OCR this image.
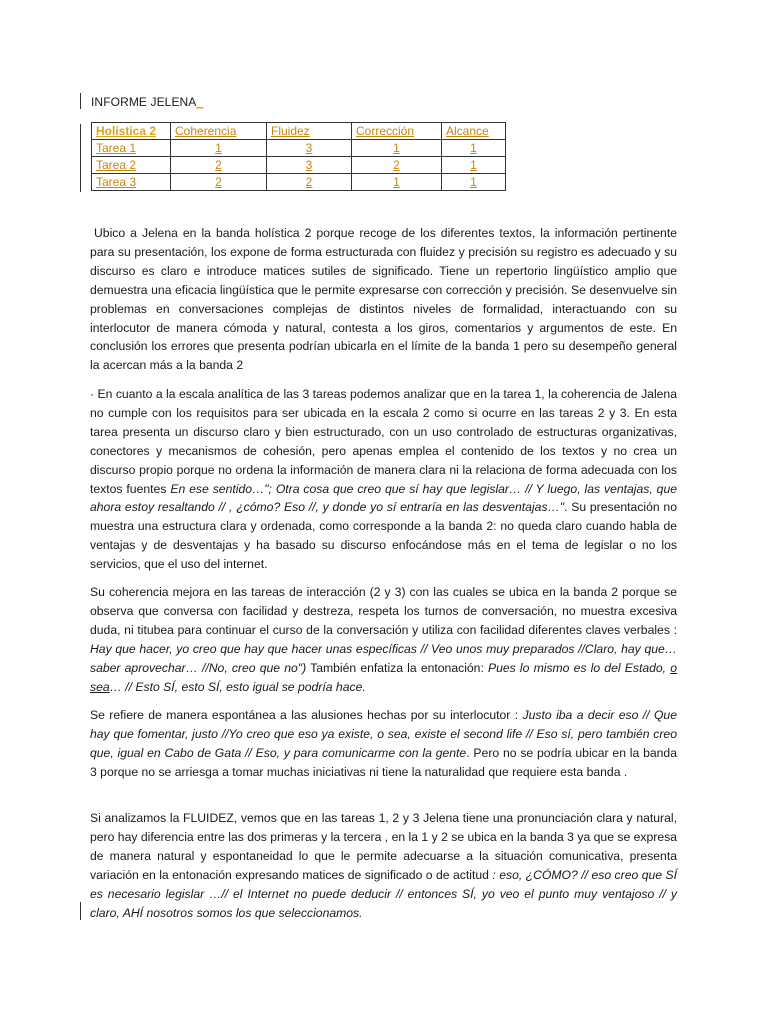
INFORME JELENA_
Holística 2	Coherencia	Fluidez	Corrección	Alcance
Tarea 1	1	3	1	1
Tarea 2	2	3	2	1
Tarea 3	2	2	1	1

Ubico a Jelena en la banda holística 2 porque recoge de los diferentes textos, la información pertinente para su presentación, los expone de forma estructurada con fluidez y precisión su registro es adecuado y su discurso es claro e introduce matices sutiles de significado. Tiene un repertorio lingüístico amplio que demuestra una eficacia lingüística que le permite expresarse con corrección y precisión. Se desenvuelve sin problemas en conversaciones complejas de distintos niveles de formalidad, interactuando con su interlocutor de manera cómoda y natural, contesta a los giros, comentarios y argumentos de este. En conclusión los errores que presenta podrían ubicarla en el límite de la banda 1 pero su desempeño general la acercan más a la banda 2

· En cuanto a la escala analítica de las 3 tareas podemos analizar que en la tarea 1, la coherencia de Jalena no cumple con los requisitos para ser ubicada en la escala 2 como si ocurre en las tareas 2 y 3. En esta tarea presenta un discurso claro y bien estructurado, con un uso controlado de estructuras organizativas, conectores y mecanismos de cohesión, pero apenas emplea el contenido de los textos y no crea un discurso propio porque no ordena la información de manera clara ni la relaciona de forma adecuada con los textos fuentes En ese sentido…"; Otra cosa que creo que sí hay que legislar… // Y luego, las ventajas, que ahora estoy resaltando // , ¿cómo? Eso //, y donde yo sí entraría en las desventajas…". Su presentación no muestra una estructura clara y ordenada, como corresponde a la banda 2: no queda claro cuando habla de ventajas y de desventajas y ha basado su discurso enfocándose más en el tema de legislar o no los servicios, que el uso del internet.

Su coherencia mejora en las tareas de interacción (2 y 3) con las cuales se ubica en la banda 2 porque se observa que conversa con facilidad y destreza, respeta los turnos de conversación, no muestra excesiva duda, ni titubea para continuar el curso de la conversación y utiliza con facilidad diferentes claves verbales : Hay que hacer, yo creo que hay que hacer unas específicas // Veo unos muy preparados //Claro, hay que… saber aprovechar… //No, creo que no") También enfatiza la entonación: Pues lo mismo es lo del Estado, o sea… // Esto SÍ, esto SÍ, esto igual se podría hace.

Se refiere de manera espontánea a las alusiones hechas por su interlocutor : Justo iba a decir eso // Que hay que fomentar, justo //Yo creo que eso ya existe, o sea, existe el second life // Eso sí, pero también creo que, igual en Cabo de Gata // Eso, y para comunicarme con la gente. Pero no se podría ubicar en la banda 3 porque no se arriesga a tomar muchas iniciativas ni tiene la naturalidad que requiere esta banda .

Si analizamos la FLUIDEZ, vemos que en las tareas 1, 2 y 3 Jelena tiene una pronunciación clara y natural, pero hay diferencia entre las dos primeras y la tercera , en la 1 y 2 se ubica en la banda 3 ya que se expresa de manera natural y espontaneidad lo que le permite adecuarse a la situación comunicativa, presenta variación en la entonación expresando matices de significado o de actitud : eso, ¿CÓMO? // eso creo que SÍ es necesario legislar …// el Internet no puede deducir // entonces SÍ, yo veo el punto muy ventajoso // y claro, AHÍ nosotros somos los que seleccionamos.
